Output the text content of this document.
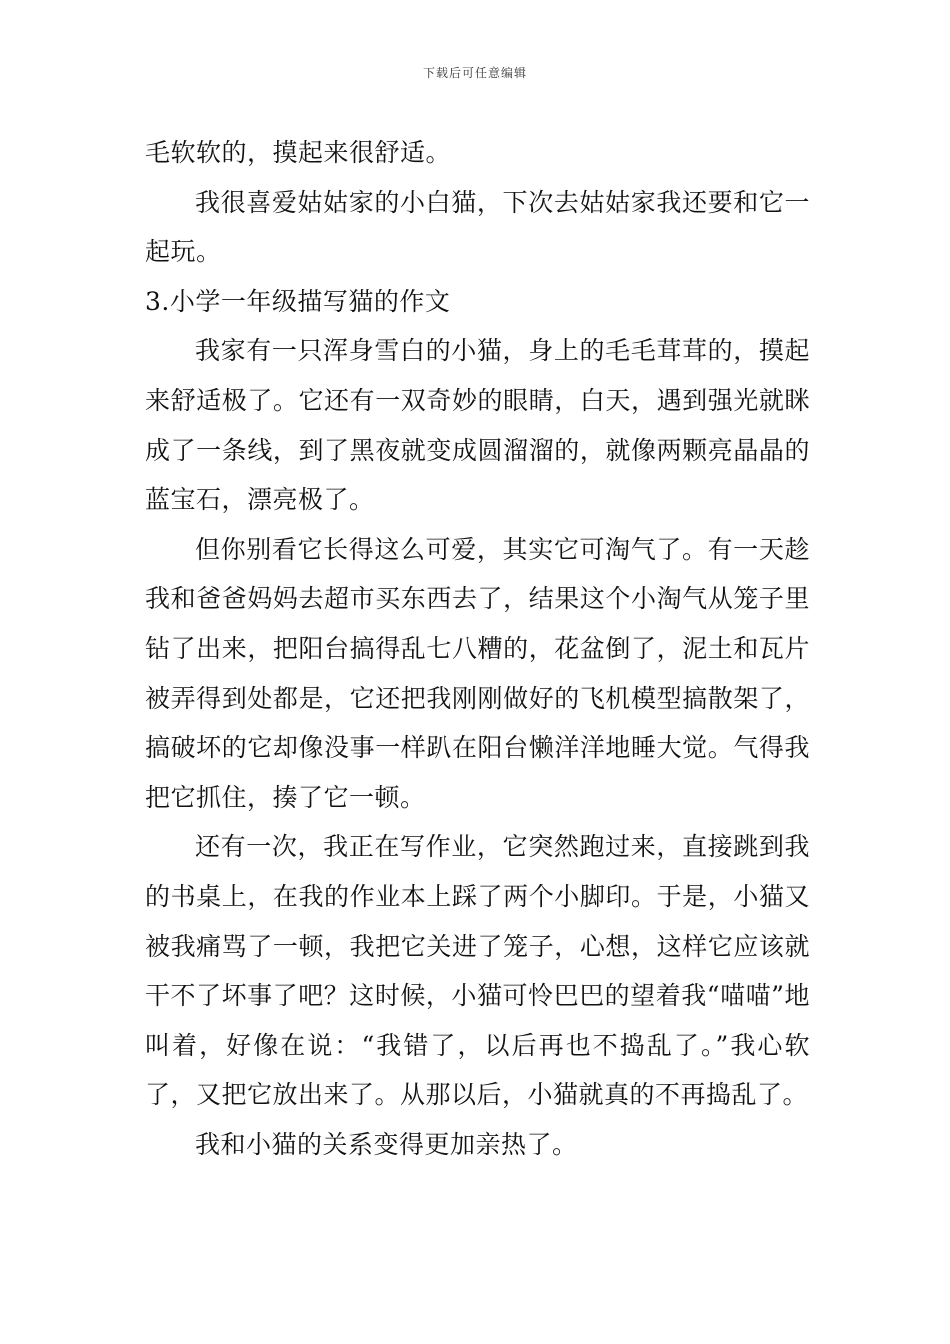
下载后可任意编辑

毛软软的，摸起来很舒适。

我很喜爱姑姑家的小白猫，下次去姑姑家我还要和它一起玩。

3.小学一年级描写猫的作文

我家有一只浑身雪白的小猫，身上的毛毛茸茸的，摸起来舒适极了。它还有一双奇妙的眼睛，白天，遇到强光就眯成了一条线，到了黑夜就变成圆溜溜的，就像两颗亮晶晶的蓝宝石，漂亮极了。

但你别看它长得这么可爱，其实它可淘气了。有一天趁我和爸爸妈妈去超市买东西去了，结果这个小淘气从笼子里钻了出来，把阳台搞得乱七八糟的，花盆倒了，泥土和瓦片被弄得到处都是，它还把我刚刚做好的飞机模型搞散架了，搞破坏的它却像没事一样趴在阳台懒洋洋地睡大觉。气得我把它抓住，揍了它一顿。

还有一次，我正在写作业，它突然跑过来，直接跳到我的书桌上，在我的作业本上踩了两个小脚印。于是，小猫又被我痛骂了一顿，我把它关进了笼子，心想，这样它应该就干不了坏事了吧？这时候，小猫可怜巴巴的望着我“喵喵”地叫着，好像在说：“我错了，以后再也不捣乱了。”我心软了，又把它放出来了。从那以后，小猫就真的不再捣乱了。

我和小猫的关系变得更加亲热了。
